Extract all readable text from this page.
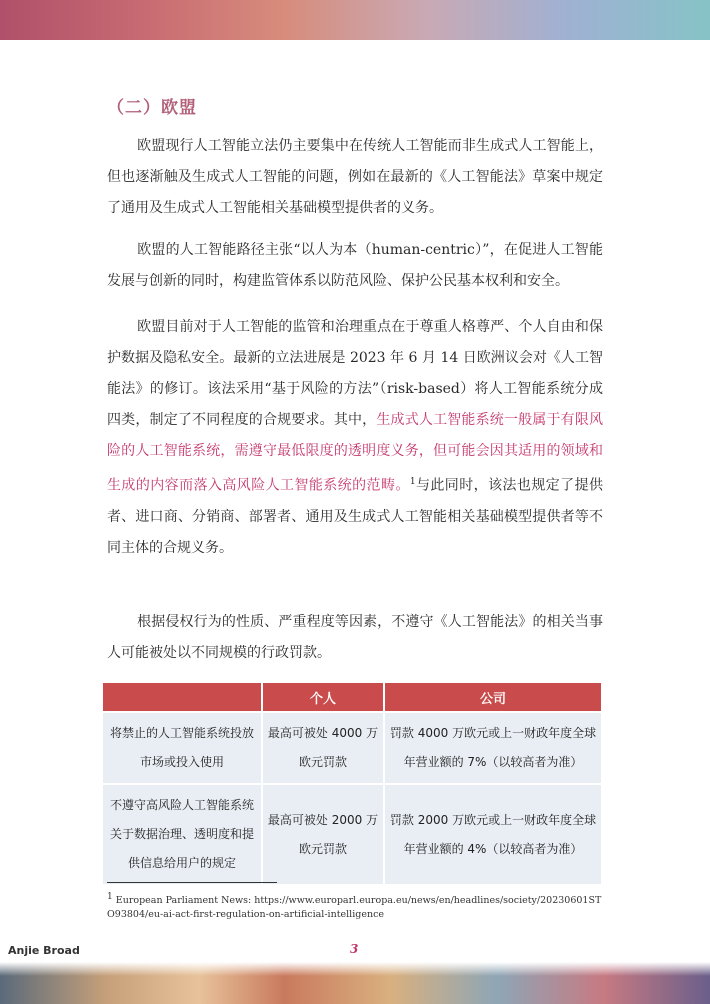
（二）欧盟
欧盟现行人工智能立法仍主要集中在传统人工智能而非生成式人工智能上，但也逐渐触及生成式人工智能的问题，例如在最新的《人工智能法》草案中规定了通用及生成式人工智能相关基础模型提供者的义务。
欧盟的人工智能路径主张“以人为本（human-centric）”，在促进人工智能发展与创新的同时，构建监管体系以防范风险、保护公民基本权利和安全。
欧盟目前对于人工智能的监管和治理重点在于尊重人格尊严、个人自由和保护数据及隐私安全。最新的立法进展是 2023 年 6 月 14 日欧洲议会对《人工智能法》的修订。该法采用“基于风险的方法”（risk-based）将人工智能系统分成四类，制定了不同程度的合规要求。其中，生成式人工智能系统一般属于有限风险的人工智能系统，需遵守最低限度的透明度义务，但可能会因其适用的领域和生成的内容而落入高风险人工智能系统的范畴。$^1$与此同时，该法也规定了提供者、进口商、分销商、部署者、通用及生成式人工智能相关基础模型提供者等不同主体的合规义务。
根据侵权行为的性质、严重程度等因素，不遵守《人工智能法》的相关当事人可能被处以不同规模的行政罚款。
	个人	公司
将禁止的人工智能系统投放市场或投入使用	最高可被处 4000 万欧元罚款	罚款 4000 万欧元或上一财政年度全球年营业额的 7%（以较高者为准）
不遵守高风险人工智能系统关于数据治理、透明度和提供信息给用户的规定	最高可被处 2000 万欧元罚款	罚款 2000 万欧元或上一财政年度全球年营业额的 4%（以较高者为准）
$^1$ European Parliament News: https://www.europarl.europa.eu/news/en/headlines/society/20230601STO93804/eu-ai-act-first-regulation-on-artificial-intelligence
Anjie Broad	3
